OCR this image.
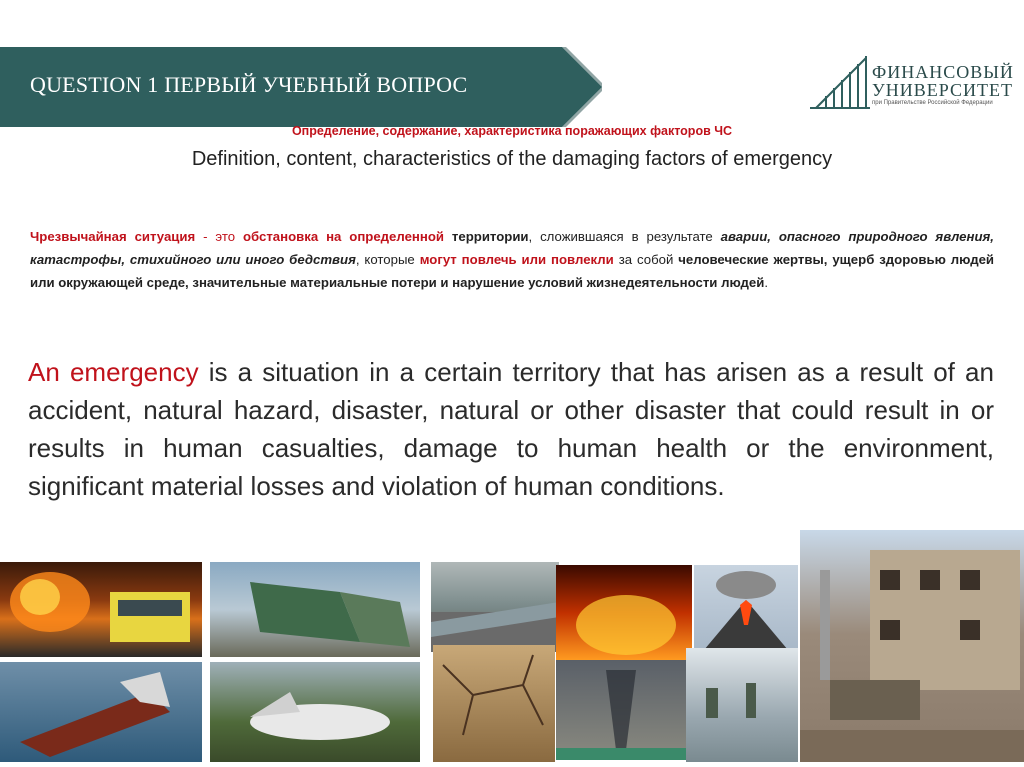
QUESTION 1 ПЕРВЫЙ УЧЕБНЫЙ ВОПРОС	ФИНАНСОВЫЙ
УНИВЕРСИТЕТ
при Правительстве Российской Федерации
Определение, содержание, характеристика поражающих факторов ЧС
Definition, content, characteristics of the damaging factors of emergency
Чрезвычайная ситуация - это обстановка на определенной территории, сложившаяся в результате аварии, опасного природного явления, катастрофы, стихийного или иного бедствия, которые могут повлечь или повлекли за собой человеческие жертвы, ущерб здоровью людей или окружающей среде, значительные материальные потери и нарушение условий жизнедеятельности людей.
An emergency is a situation in a certain territory that has arisen as a result of an accident, natural hazard, disaster, natural or other disaster that could result in or results in human casualties, damage to human health or the environment, significant material losses and violation of human conditions.
